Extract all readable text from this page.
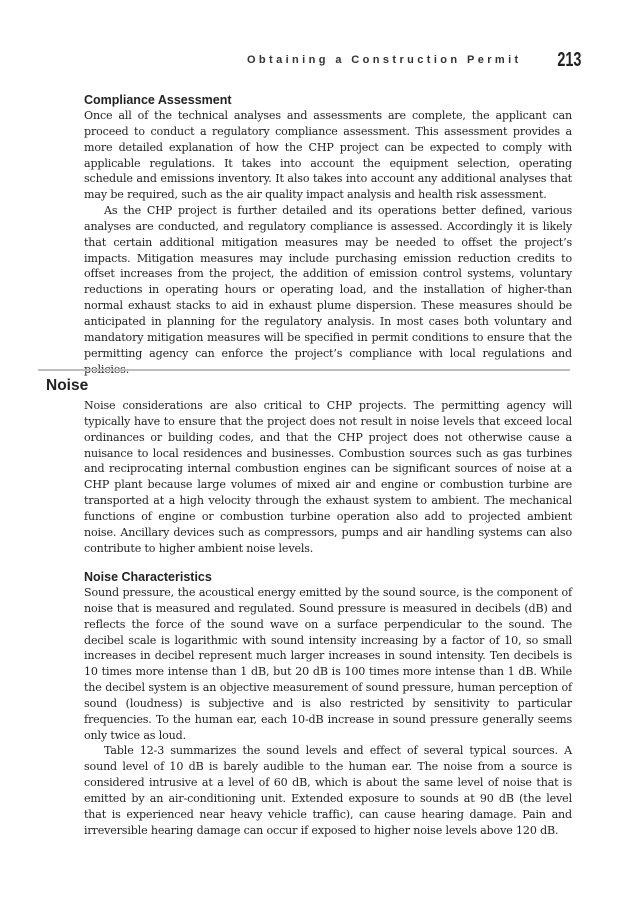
Obtaining a Construction Permit 213
Compliance Assessment

Once all of the technical analyses and assessments are complete, the applicant can proceed to conduct a regulatory compliance assessment. This assessment provides a more detailed explanation of how the CHP project can be expected to comply with applicable regulations. It takes into account the equipment selection, operating schedule and emissions inventory. It also takes into account any additional analyses that may be required, such as the air quality impact analysis and health risk assessment.

As the CHP project is further detailed and its operations better defined, various analyses are conducted, and regulatory compliance is assessed. Accordingly it is likely that certain additional mitigation measures may be needed to offset the project’s impacts. Mitigation measures may include purchasing emission reduction credits to offset increases from the project, the addition of emission control systems, voluntary reductions in operating hours or operating load, and the installation of higher-than normal exhaust stacks to aid in exhaust plume dispersion. These measures should be anticipated in planning for the regulatory analysis. In most cases both voluntary and mandatory mitigation measures will be specified in permit conditions to ensure that the permitting agency can enforce the project’s compliance with local regulations and policies.

Noise

Noise considerations are also critical to CHP projects. The permitting agency will typically have to ensure that the project does not result in noise levels that exceed local ordinances or building codes, and that the CHP project does not otherwise cause a nuisance to local residences and businesses. Combustion sources such as gas turbines and reciprocating internal combustion engines can be significant sources of noise at a CHP plant because large volumes of mixed air and engine or combustion turbine are transported at a high velocity through the exhaust system to ambient. The mechanical functions of engine or combustion turbine operation also add to projected ambient noise. Ancillary devices such as compressors, pumps and air handling systems can also contribute to higher ambient noise levels.

Noise Characteristics

Sound pressure, the acoustical energy emitted by the sound source, is the component of noise that is measured and regulated. Sound pressure is measured in decibels (dB) and reflects the force of the sound wave on a surface perpendicular to the sound. The decibel scale is logarithmic with sound intensity increasing by a factor of 10, so small increases in decibel represent much larger increases in sound intensity. Ten decibels is 10 times more intense than 1 dB, but 20 dB is 100 times more intense than 1 dB. While the decibel system is an objective measurement of sound pressure, human perception of sound (loudness) is subjective and is also restricted by sensitivity to particular frequencies. To the human ear, each 10-dB increase in sound pressure generally seems only twice as loud.

Table 12-3 summarizes the sound levels and effect of several typical sources. A sound level of 10 dB is barely audible to the human ear. The noise from a source is considered intrusive at a level of 60 dB, which is about the same level of noise that is emitted by an air-conditioning unit. Extended exposure to sounds at 90 dB (the level that is experienced near heavy vehicle traffic), can cause hearing damage. Pain and irreversible hearing damage can occur if exposed to higher noise levels above 120 dB.
